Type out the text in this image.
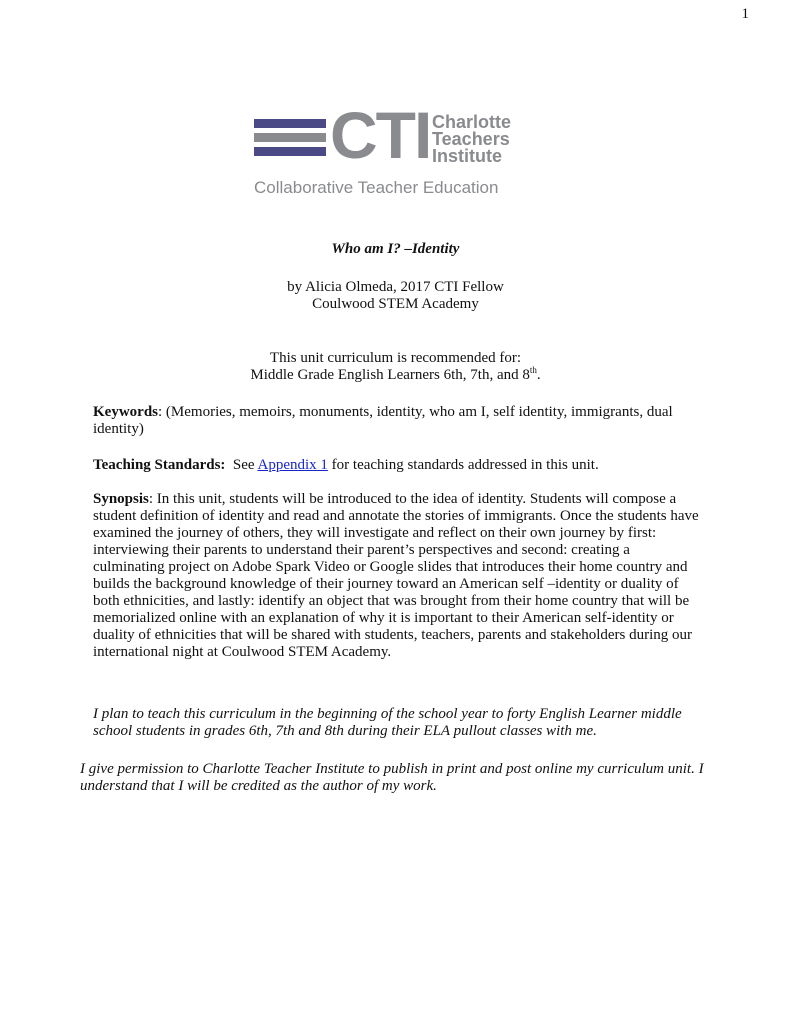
1
CTI Charlotte
Teachers
Institute
Collaborative Teacher Education
Who am I? –Identity
by Alicia Olmeda, 2017 CTI Fellow
Coulwood STEM Academy
This unit curriculum is recommended for:
Middle Grade English Learners 6th, 7th, and 8th.
Keywords: (Memories, memoirs, monuments, identity, who am I, self identity, immigrants, dual identity)
Teaching Standards:  See Appendix 1 for teaching standards addressed in this unit.
Synopsis: In this unit, students will be introduced to the idea of identity. Students will compose a student definition of identity and read and annotate the stories of immigrants. Once the students have examined the journey of others, they will investigate and reflect on their own journey by first: interviewing their parents to understand their parent’s perspectives and second: creating a culminating project on Adobe Spark Video or Google slides that introduces their home country and builds the background knowledge of their journey toward an American self –identity or duality of both ethnicities, and lastly: identify an object that was brought from their home country that will be memorialized online with an explanation of why it is important to their American self-identity or duality of ethnicities that will be shared with students, teachers, parents and stakeholders during our international night at Coulwood STEM Academy.
I plan to teach this curriculum in the beginning of the school year to forty English Learner middle school students in grades 6th, 7th and 8th during their ELA pullout classes with me.
I give permission to Charlotte Teacher Institute to publish in print and post online my curriculum unit. I understand that I will be credited as the author of my work.
